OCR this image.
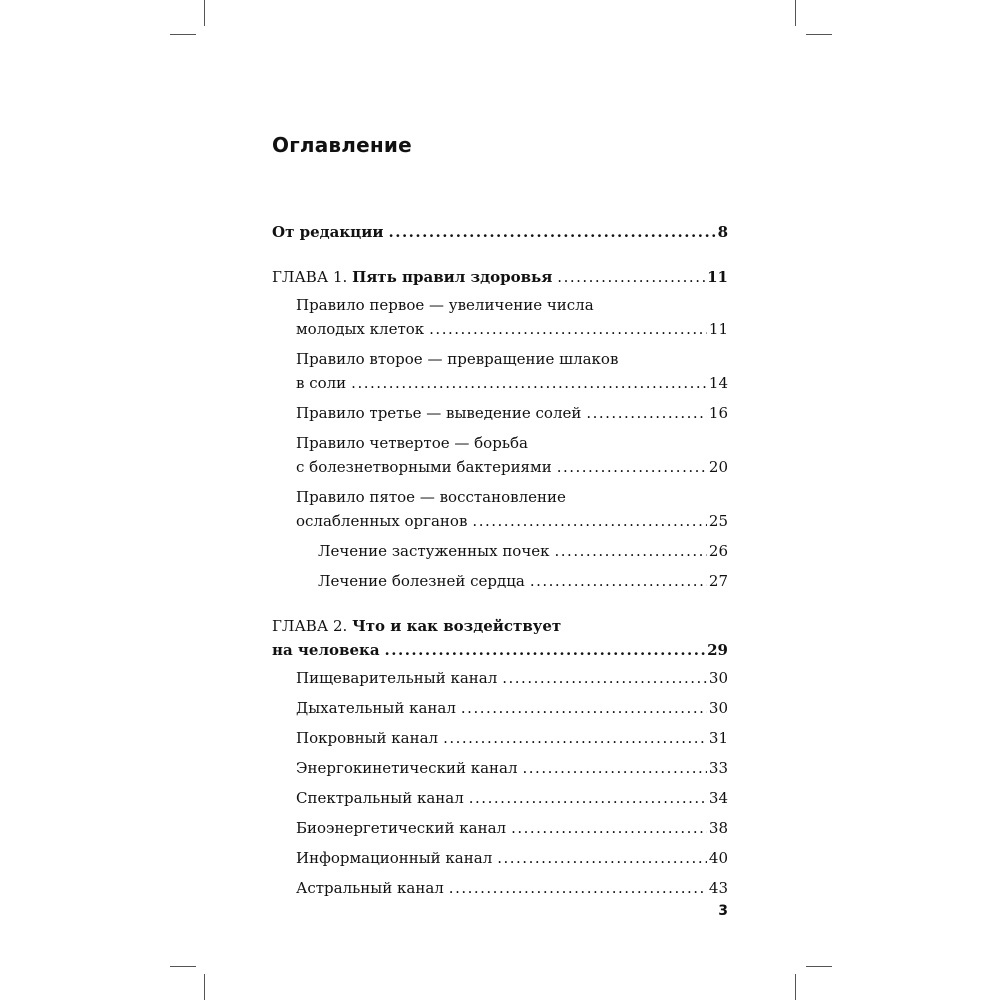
Оглавление
От редакции .....	8
ГЛАВА 1.
Пять правил здоровья .....	11
Правило первое — увеличение числа
молодых клеток .....	11
Правило второе — превращение шлаков
в соли .....	14
Правило третье — выведение солей .....	16
Правило четвертое — борьба
с болезнетворными бактериями .....	20
Правило пятое — восстановление
ослабленных органов .....	25
Лечение застуженных почек .....	26
Лечение болезней сердца .....	27
ГЛАВА 2. Что и как воздействует
на человека .....	29
Пищеварительный канал .....	30
Дыхательный канал .....	30
Покровный канал .....	31
Энергокинетический канал .....	33
Спектральный канал .....	34
Биоэнергетический канал .....	38
Информационный канал .....	40
Астральный канал .....	43
3
